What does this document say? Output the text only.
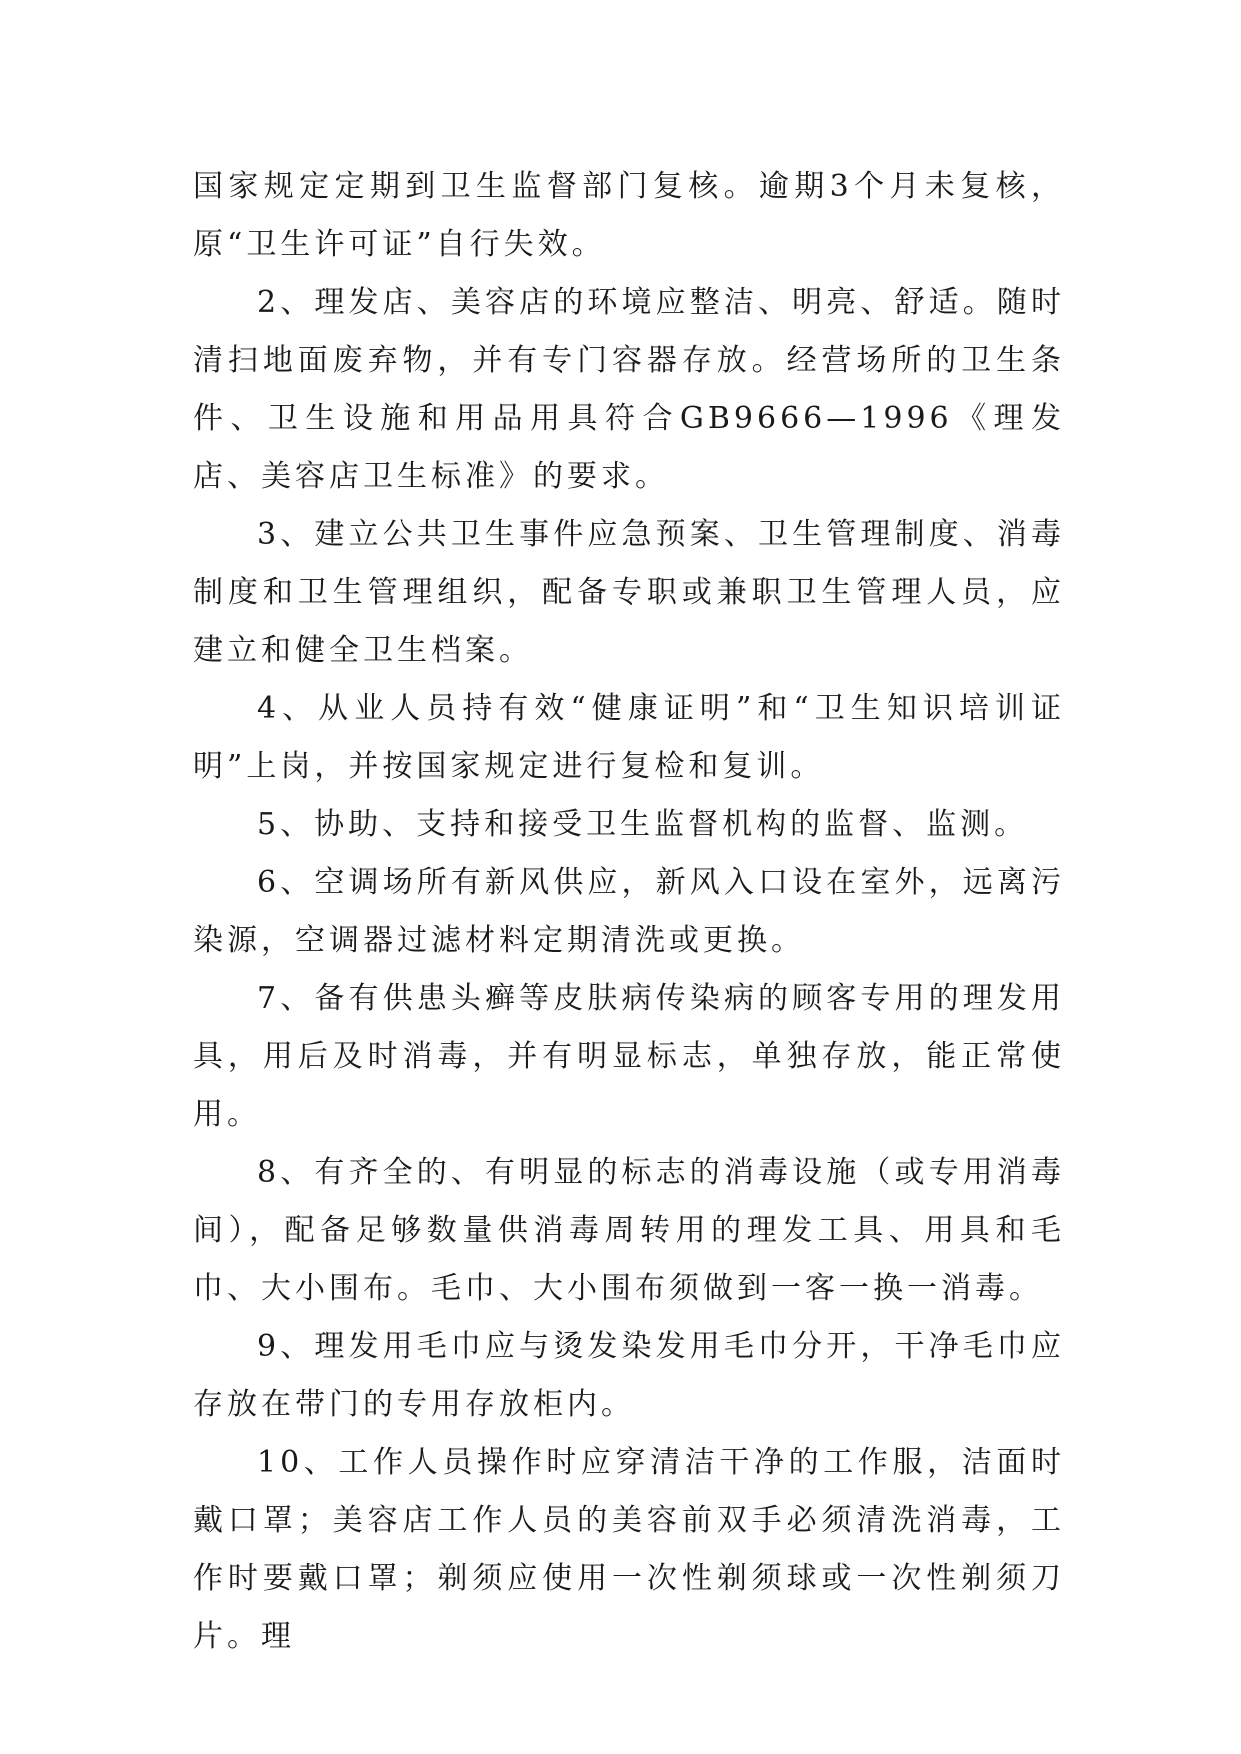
国家规定定期到卫生监督部门复核。逾期3个月未复核，原“卫生许可证”自行失效。

2、理发店、美容店的环境应整洁、明亮、舒适。随时清扫地面废弃物，并有专门容器存放。经营场所的卫生条件、卫生设施和用品用具符合GB9666—1996《理发店、美容店卫生标准》的要求。

3、建立公共卫生事件应急预案、卫生管理制度、消毒制度和卫生管理组织，配备专职或兼职卫生管理人员，应建立和健全卫生档案。

4、从业人员持有效“健康证明”和“卫生知识培训证明”上岗，并按国家规定进行复检和复训。

5、协助、支持和接受卫生监督机构的监督、监测。

6、空调场所有新风供应，新风入口设在室外，远离污染源，空调器过滤材料定期清洗或更换。

7、备有供患头癣等皮肤病传染病的顾客专用的理发用具，用后及时消毒，并有明显标志，单独存放，能正常使用。

8、有齐全的、有明显的标志的消毒设施（或专用消毒间），配备足够数量供消毒周转用的理发工具、用具和毛巾、大小围布。毛巾、大小围布须做到一客一换一消毒。

9、理发用毛巾应与烫发染发用毛巾分开，干净毛巾应存放在带门的专用存放柜内。

10、工作人员操作时应穿清洁干净的工作服，洁面时戴口罩；美容店工作人员的美容前双手必须清洗消毒，工作时要戴口罩；剃须应使用一次性剃须球或一次性剃须刀片。理
